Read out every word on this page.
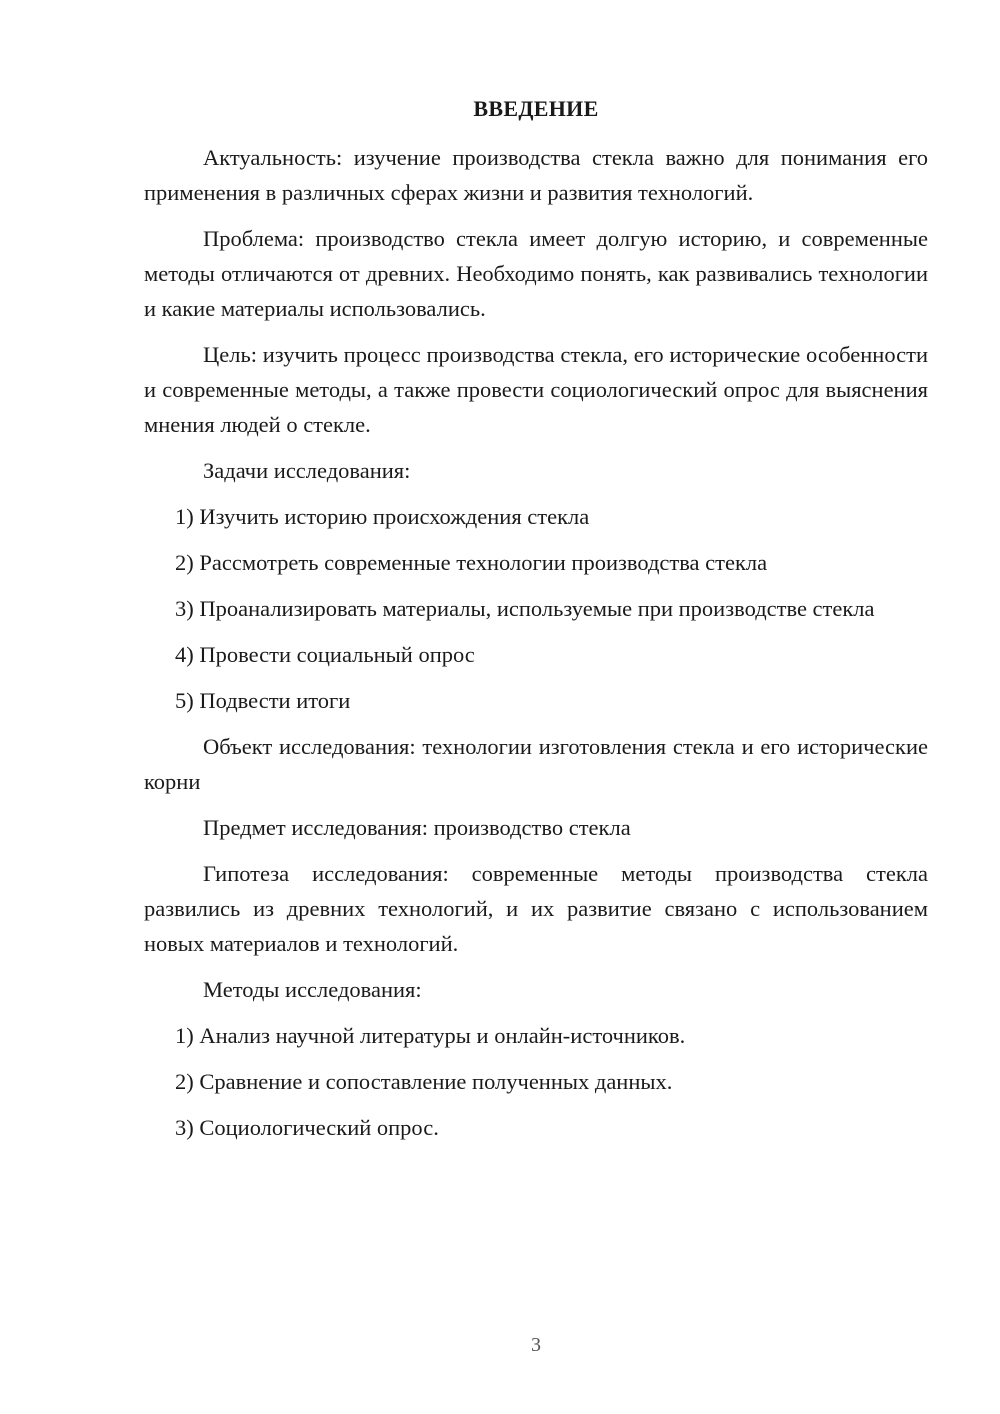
ВВЕДЕНИЕ

Актуальность: изучение производства стекла важно для понимания его применения в различных сферах жизни и развития технологий.

Проблема: производство стекла имеет долгую историю, и современные методы отличаются от древних. Необходимо понять, как развивались технологии и какие материалы использовались.

Цель: изучить процесс производства стекла, его исторические особенности и современные методы, а также провести социологический опрос для выяснения мнения людей о стекле.

Задачи исследования:

1) Изучить историю происхождения стекла

2) Рассмотреть современные технологии производства стекла

3) Проанализировать материалы, используемые при производстве стекла

4) Провести социальный опрос

5) Подвести итоги

Объект исследования: технологии изготовления стекла и его исторические корни

Предмет исследования: производство стекла

Гипотеза исследования: современные методы производства стекла развились из древних технологий, и их развитие связано с использованием новых материалов и технологий.

Методы исследования:

1) Анализ научной литературы и онлайн-источников.

2) Сравнение и сопоставление полученных данных.

3) Социологический опрос.

3
